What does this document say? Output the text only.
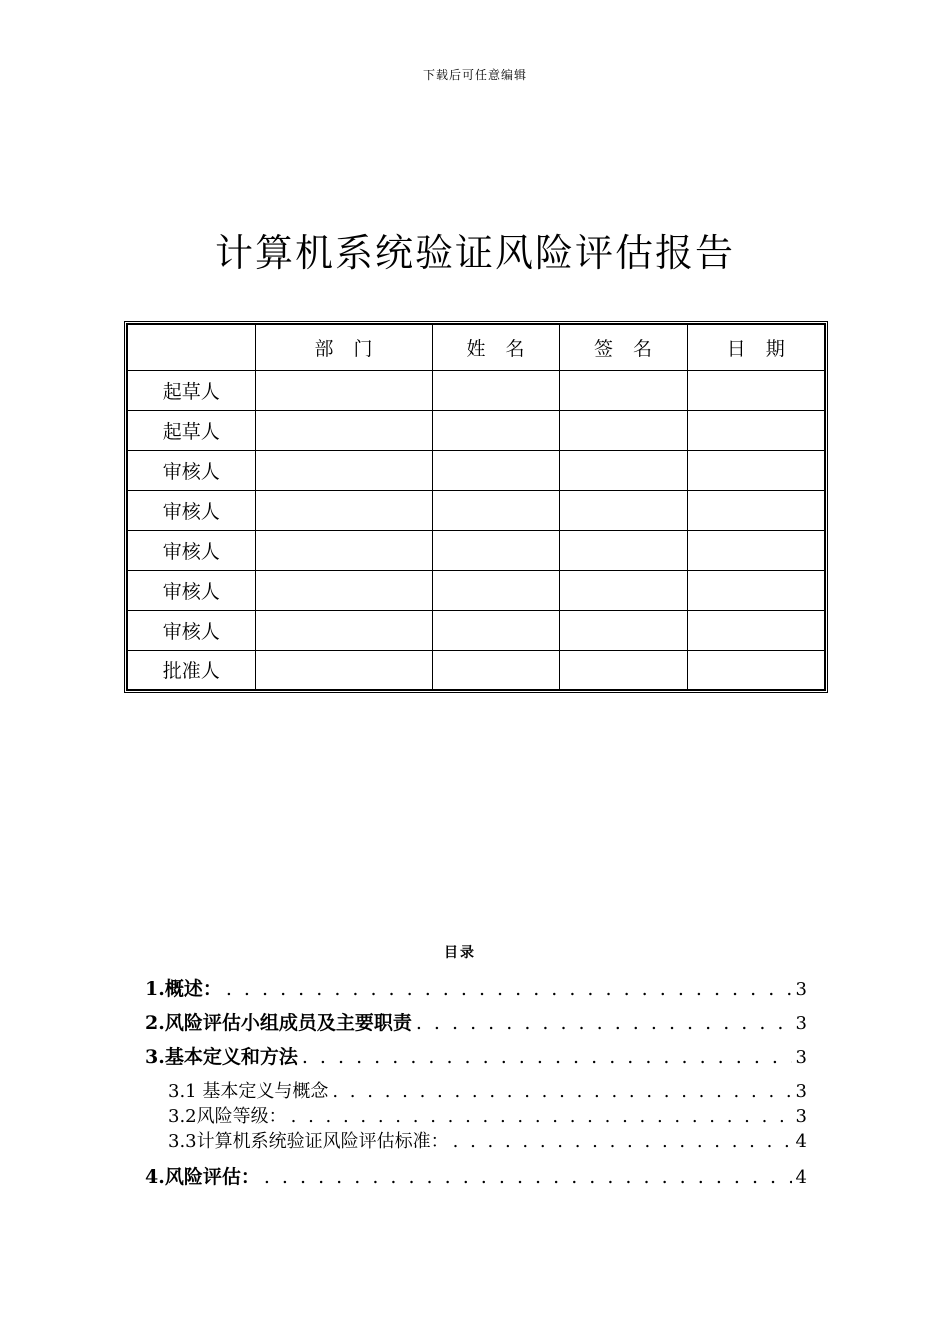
下载后可任意编辑
计算机系统验证风险评估报告
	部门	姓名	签名	日期
起草人				
起草人				
审核人				
审核人				
审核人				
审核人				
审核人				
批准人				
目录
1.概述： . . .	3
2.风险评估小组成员及主要职责 . . .	3
3.基本定义和方法 . . .	3
3.1 基本定义与概念 . . .	3
3.2风险等级： . . .	3
3.3计算机系统验证风险评估标准： . . .	4
4.风险评估： . . .	4
